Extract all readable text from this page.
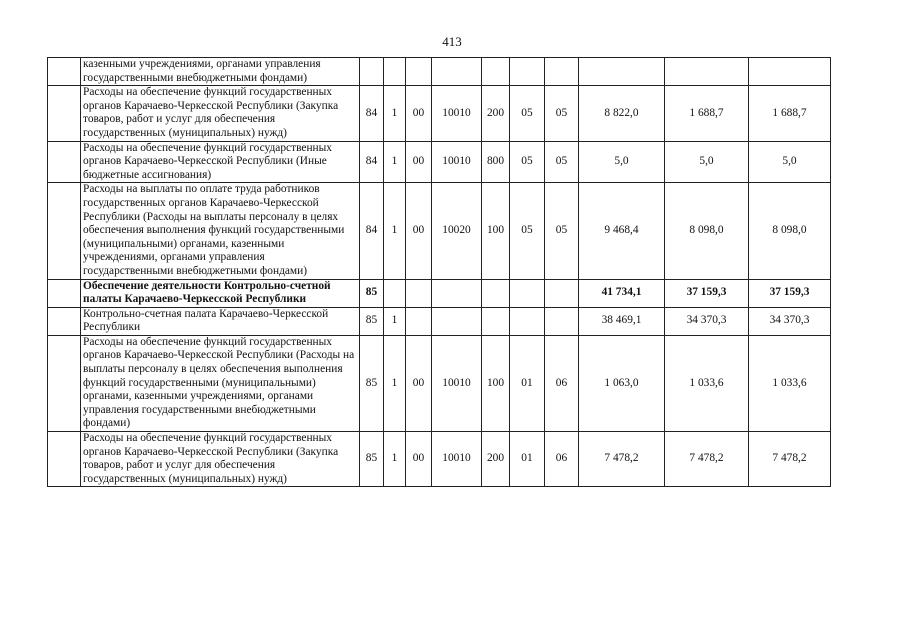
413
	казенными учреждениями, органами управления государственными внебюджетными фондами)										
	Расходы на обеспечение функций государственных органов Карачаево-Черкесской Республики (Закупка товаров, работ и услуг для обеспечения государственных (муниципальных) нужд)	84	1	00	10010	200	05	05	8 822,0	1 688,7	1 688,7
	Расходы на обеспечение функций государственных органов Карачаево-Черкесской Республики (Иные бюджетные ассигнования)	84	1	00	10010	800	05	05	5,0	5,0	5,0
	Расходы на выплаты по оплате труда работников государственных органов Карачаево-Черкесской Республики (Расходы на выплаты персоналу в целях обеспечения выполнения функций государственными (муниципальными) органами, казенными учреждениями, органами управления государственными внебюджетными фондами)	84	1	00	10020	100	05	05	9 468,4	8 098,0	8 098,0
	Обеспечение деятельности Контрольно-счетной палаты Карачаево-Черкесской Республики	85							41 734,1	37 159,3	37 159,3
	Контрольно-счетная палата Карачаево-Черкесской Республики	85	1						38 469,1	34 370,3	34 370,3
	Расходы на обеспечение функций государственных органов Карачаево-Черкесской Республики (Расходы на выплаты персоналу в целях обеспечения выполнения функций государственными (муниципальными) органами, казенными учреждениями, органами управления государственными внебюджетными фондами)	85	1	00	10010	100	01	06	1 063,0	1 033,6	1 033,6
	Расходы на обеспечение функций государственных органов Карачаево-Черкесской Республики (Закупка товаров, работ и услуг для обеспечения государственных (муниципальных) нужд)	85	1	00	10010	200	01	06	7 478,2	7 478,2	7 478,2
